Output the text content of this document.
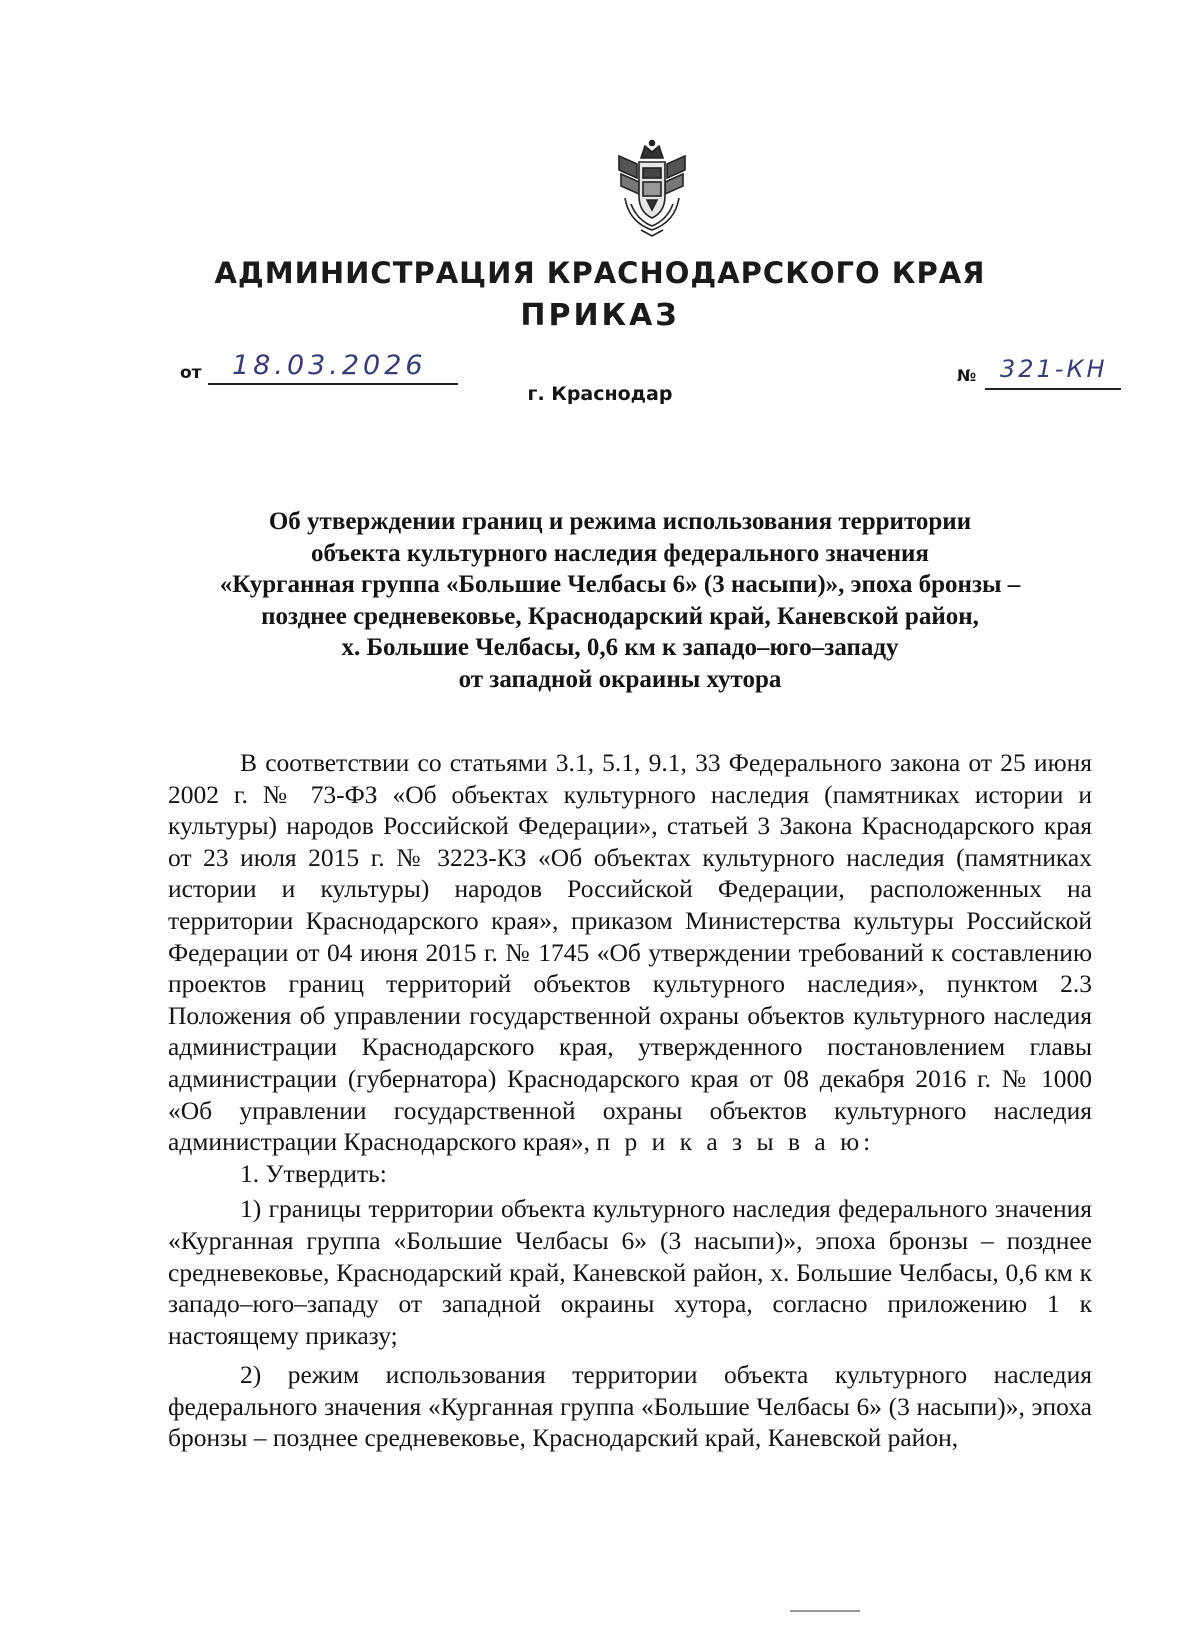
АДМИНИСТРАЦИЯ КРАСНОДАРСКОГО КРАЯ
ПРИКАЗ
от 18.03.2026	№ 321-КН
г. Краснодар
Об утверждении границ и режима использования территории
объекта культурного наследия федерального значения
«Курганная группа «Большие Челбасы 6» (3 насыпи)», эпоха бронзы –
позднее средневековье, Краснодарский край, Каневской район,
х. Большие Челбасы, 0,6 км к западо–юго–западу
от западной окраины хутора

В соответствии со статьями 3.1, 5.1, 9.1, 33 Федерального закона от 25 июня 2002 г. № 73-ФЗ «Об объектах культурного наследия (памятниках истории и культуры) народов Российской Федерации», статьей 3 Закона Краснодарского края от 23 июля 2015 г. № 3223-КЗ «Об объектах культурного наследия (памятниках истории и культуры) народов Российской Федерации, расположенных на территории Краснодарского края», приказом Министерства культуры Российской Федерации от 04 июня 2015 г. № 1745 «Об утверждении требований к составлению проектов границ территорий объектов культурного наследия», пунктом 2.3 Положения об управлении государственной охраны объектов культурного наследия администрации Краснодарского края, утвержденного постановлением главы администрации (губернатора) Краснодарского края от 08 декабря 2016 г. № 1000 «Об управлении государственной охраны объектов культурного наследия администрации Краснодарского края», п р и к а з ы в а ю:

1. Утвердить:

1) границы территории объекта культурного наследия федерального значения «Курганная группа «Большие Челбасы 6» (3 насыпи)», эпоха бронзы – позднее средневековье, Краснодарский край, Каневской район, х. Большие Челбасы, 0,6 км к западо–юго–западу от западной окраины хутора, согласно приложению 1 к настоящему приказу;

2) режим использования территории объекта культурного наследия федерального значения «Курганная группа «Большие Челбасы 6» (3 насыпи)», эпоха бронзы – позднее средневековье, Краснодарский край, Каневской район,
